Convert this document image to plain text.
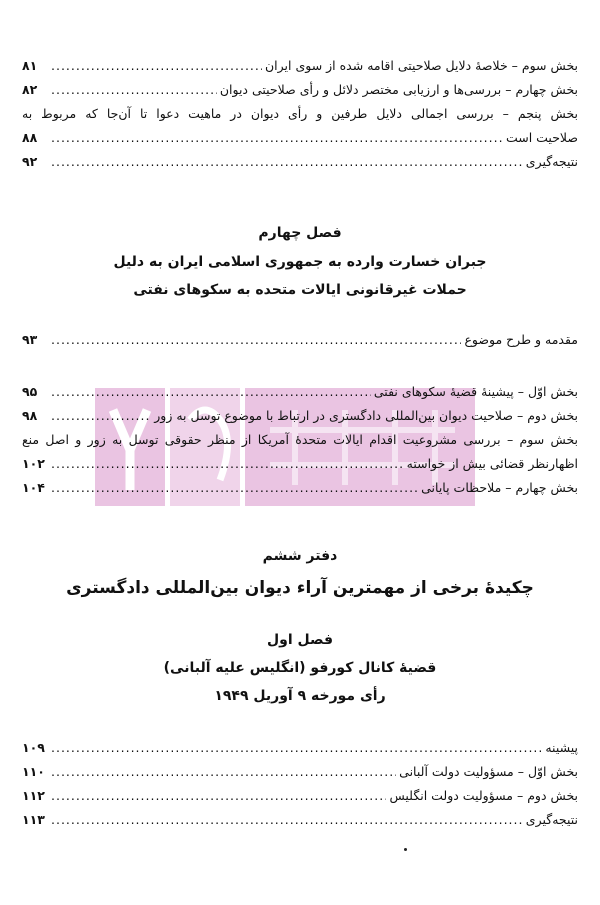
بخش سوم – خلاصهٔ دلایل صلاحیتی اقامه شده از سوی ایران
.....
۸۱
بخش چهارم – بررسی‌ها و ارزیابی مختصر دلائل و رأی صلاحیتی دیوان
.....
۸۲
بخش پنجم – بررسی اجمالی دلایل طرفین و رأی دیوان در ماهیت دعوا تا آن‌جا که مربوط به
صلاحیت است
.....
۸۸
نتیجه‌گیری
.....
۹۲
فصل چهارم
جبران خسارت وارده به جمهوری اسلامی ایران به دلیل
حملات غیرقانونی ایالات متحده به سکوهای نفتی
مقدمه و طرح موضوع
.....
۹۳
بخش اوّل – پیشینهٔ قضیهٔ سکوهای نفتی
.....
۹۵
بخش دوم – صلاحیت دیوان بین‌المللی دادگستری در ارتباط با موضوع توسل به زور
.....
۹۸
بخش سوم – بررسی مشروعیت اقدام ایالات متحدهٔ آمریکا از منظر حقوقی توسل به زور و اصل منع
اظهارنظر قضائی بیش از خواسته
.....
۱۰۲
بخش چهارم – ملاحظات پایانی
.....
۱۰۴
دفتر ششم
چکیدهٔ برخی از مهمترین آراء دیوان بین‌المللی دادگستری
فصل اول
قضیهٔ کانال کورفو (انگلیس علیه آلبانی)
رأی مورخه ۹ آوریل ۱۹۴۹
پیشینه
.....
۱۰۹
بخش اوّل – مسؤولیت دولت آلبانی
.....
۱۱۰
بخش دوم – مسؤولیت دولت انگلیس
.....
۱۱۲
نتیجه‌گیری
.....
۱۱۳
